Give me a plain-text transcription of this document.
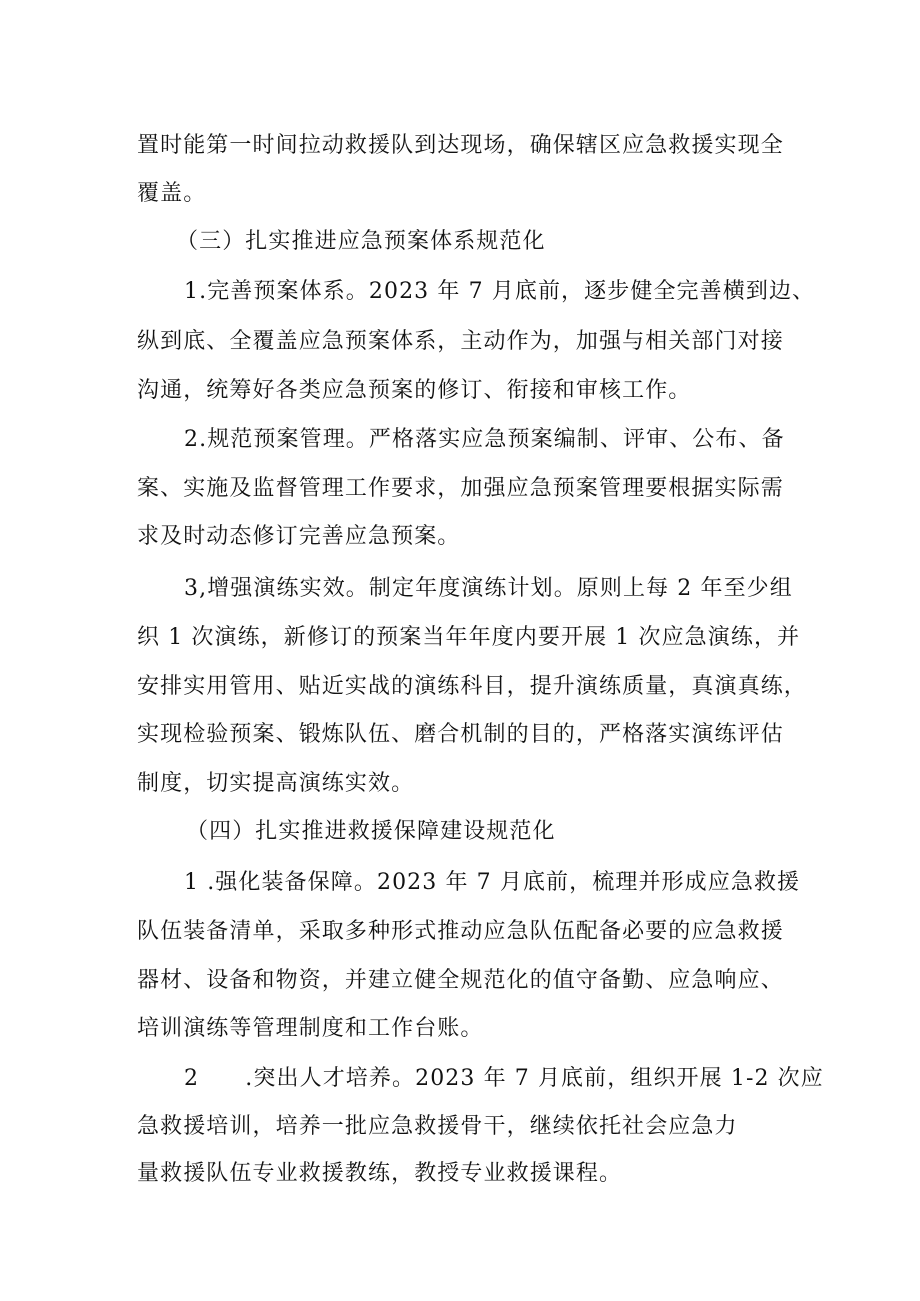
置时能第一时间拉动救援队到达现场，确保辖区应急救援实现全
覆盖。
（三）扎实推进应急预案体系规范化
1.完善预案体系。2023 年 7 月底前，逐步健全完善横到边、
纵到底、全覆盖应急预案体系，主动作为，加强与相关部门对接
沟通，统筹好各类应急预案的修订、衔接和审核工作。
2.规范预案管理。严格落实应急预案编制、评审、公布、备
案、实施及监督管理工作要求，加强应急预案管理要根据实际需
求及时动态修订完善应急预案。
3,增强演练实效。制定年度演练计划。原则上每 2 年至少组
织 1 次演练，新修订的预案当年年度内要开展 1 次应急演练，并
安排实用管用、贴近实战的演练科目，提升演练质量，真演真练，
实现检验预案、锻炼队伍、磨合机制的目的，严格落实演练评估
制度，切实提高演练实效。
（四）扎实推进救援保障建设规范化
1 .强化装备保障。2023 年 7 月底前，梳理并形成应急救援
队伍装备清单，采取多种形式推动应急队伍配备必要的应急救援
器材、设备和物资，并建立健全规范化的值守备勤、应急响应、
培训演练等管理制度和工作台账。
2　　.突出人才培养。2023 年 7 月底前，组织开展 1-2 次应
急救援培训，培养一批应急救援骨干，继续依托社会应急力
量救援队伍专业救援教练，教授专业救援课程。
